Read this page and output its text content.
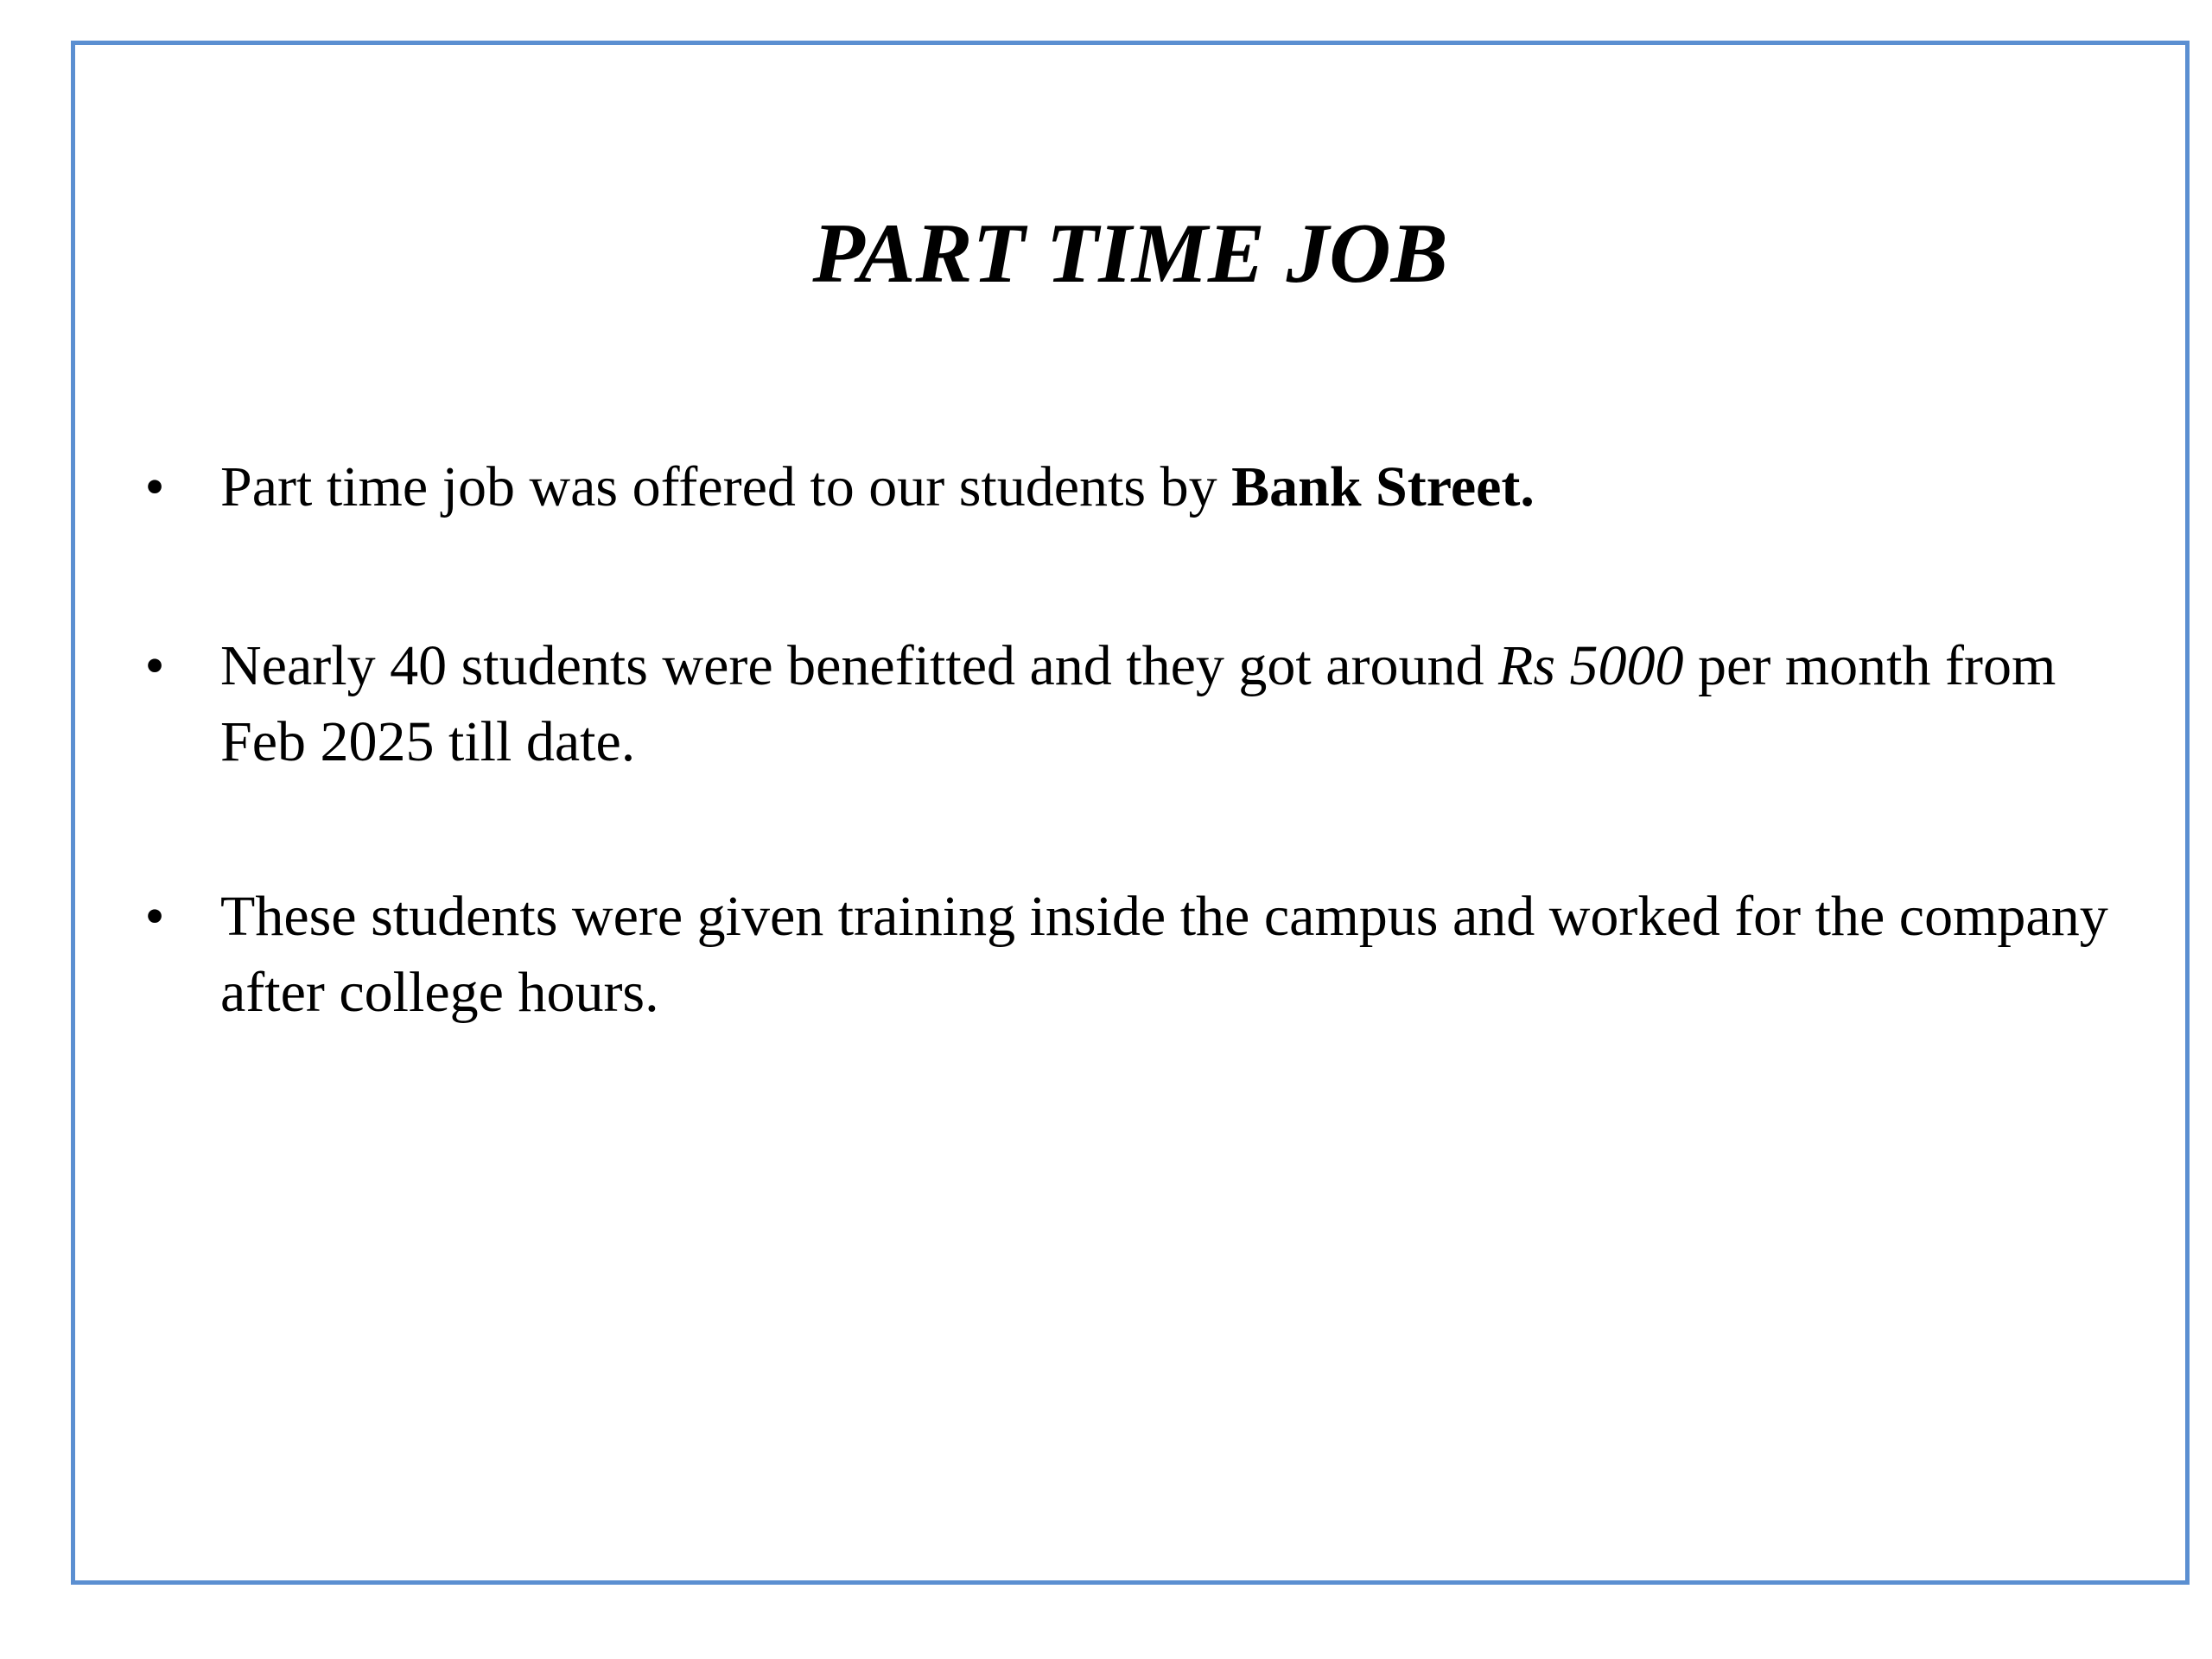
PART TIME JOB
• Part time job was offered to our students by Bank Street.
• Nearly 40 students were benefitted and they got around Rs 5000 per month from Feb 2025 till date.
• These students were given training inside the campus and worked for the company after college hours.
